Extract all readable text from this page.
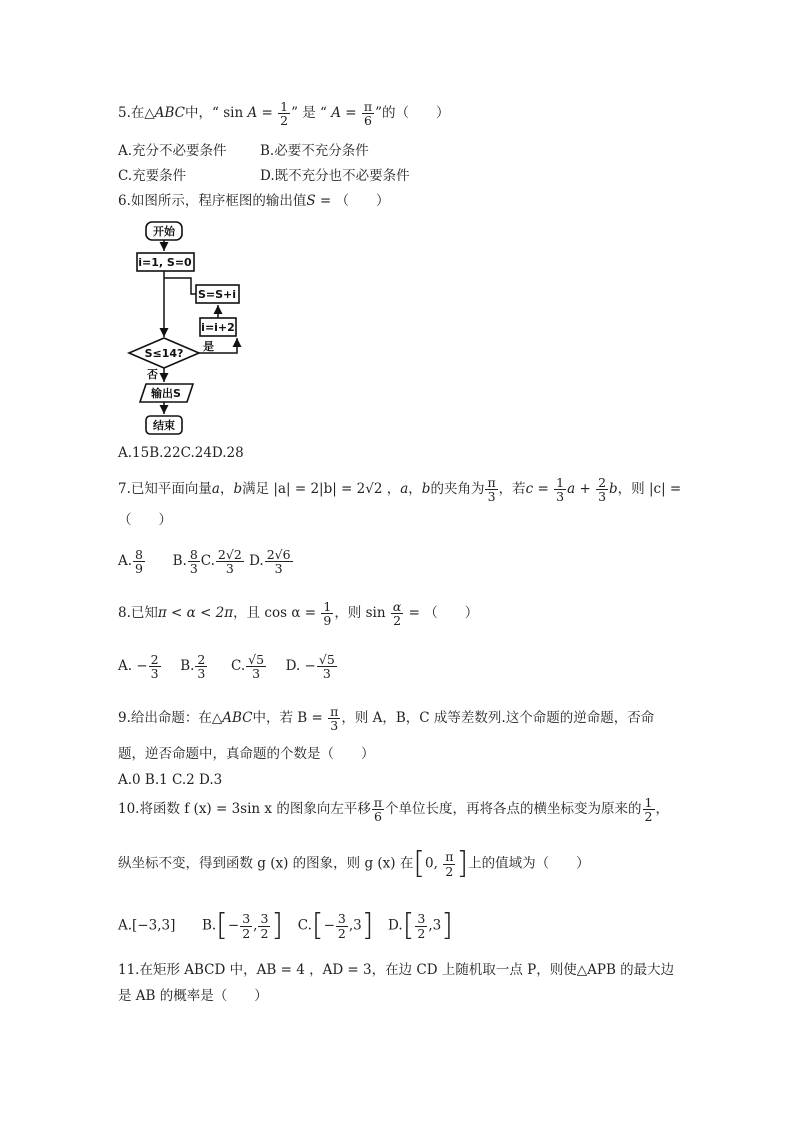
5.在△ABC中，“ $\sin A = \frac{1}{2}$ ” 是 “ $A = \frac{\pi}{6}$ ”的（　　）
A.充分不必要条件 B.必要不充分条件
C.充要条件	D.既不充分也不必要条件
6.如图所示，程序框图的输出值S = （　　）
开始
i=1, S=0
S=S+i
i=i+2
S≤14?
是
否
输出S
结束
A.15B.22C.24D.28
7.已知平面向量a，b满足 |a| = 2|b| = 2√2 ，a，b的夹角为 $\frac{\pi}{3}$ ，若$c = \frac{1}{3}$ $a + \frac{2}{3}$ b，则 |c| =
（　　）
A. $\frac{8}{9} B$. $\frac{8}{3} C$. $\frac{2√2}{3} D$. $\frac{2√6}{3}$
8.已知π < α < 2π，且 $\cos \alpha = \frac{1}{9}$ ，则 $\sin \frac{\alpha}{2}$ = （　　）
A. − $\frac{2}{3} B$. $\frac{2}{3} C$. $\frac{√5}{3} D$. − $\frac{√5}{3}$
9.给出命题：在△ABC中，若 $B = \frac{\pi}{3}$ ，则 A，B，C 成等差数列.这个命题的逆命题，否命
题，逆否命题中，真命题的个数是（　　）
A.0 B.1 C.2 D.3
10.将函数 f (x) = 3sin x 的图象向左平移 $\frac{\pi}{6}$ 个单位长度，再将各点的横坐标变为原来的 $\frac{1}{2}$ ，
纵坐标不变，得到函数 g (x) 的图象，则 g (x) 在[0, $\frac{\pi}{2}$ ]上的值域为（　　）
A.[−3,3] $B.[- \frac{3}{2}$ , $\frac{3}{2}$ ] $C.[- \frac{3}{2} ,3]$ $D.[ \frac{3}{2} ,3]$
11.在矩形 ABCD 中，AB = 4 ，AD = 3，在边 CD 上随机取一点 P，则使△APB 的最大边
是 AB 的概率是（　　）
